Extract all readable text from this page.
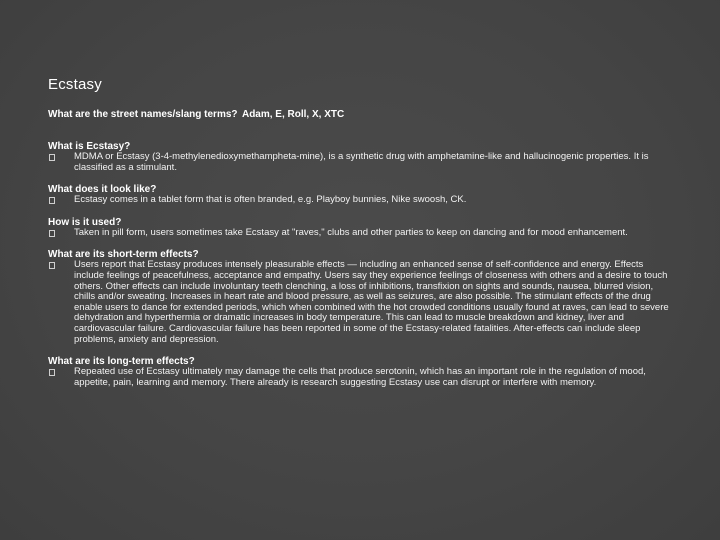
Ecstasy
What are the street names/slang terms? Adam, E, Roll, X, XTC
What is Ecstasy?
MDMA or Ecstasy (3-4-methylenedioxymethampheta-mine), is a synthetic drug with amphetamine-like and hallucinogenic properties. It is classified as a stimulant.
What does it look like?
Ecstasy comes in a tablet form that is often branded, e.g. Playboy bunnies, Nike swoosh, CK.
How is it used?
Taken in pill form, users sometimes take Ecstasy at "raves," clubs and other parties to keep on dancing and for mood enhancement.
What are its short-term effects?
Users report that Ecstasy produces intensely pleasurable effects — including an enhanced sense of self-confidence and energy. Effects include feelings of peacefulness, acceptance and empathy. Users say they experience feelings of closeness with others and a desire to touch others. Other effects can include involuntary teeth clenching, a loss of inhibitions, transfixion on sights and sounds, nausea, blurred vision, chills and/or sweating. Increases in heart rate and blood pressure, as well as seizures, are also possible. The stimulant effects of the drug enable users to dance for extended periods, which when combined with the hot crowded conditions usually found at raves, can lead to severe dehydration and hyperthermia or dramatic increases in body temperature. This can lead to muscle breakdown and kidney, liver and cardiovascular failure. Cardiovascular failure has been reported in some of the Ecstasy-related fatalities. After-effects can include sleep problems, anxiety and depression.
What are its long-term effects?
Repeated use of Ecstasy ultimately may damage the cells that produce serotonin, which has an important role in the regulation of mood, appetite, pain, learning and memory. There already is research suggesting Ecstasy use can disrupt or interfere with memory.
